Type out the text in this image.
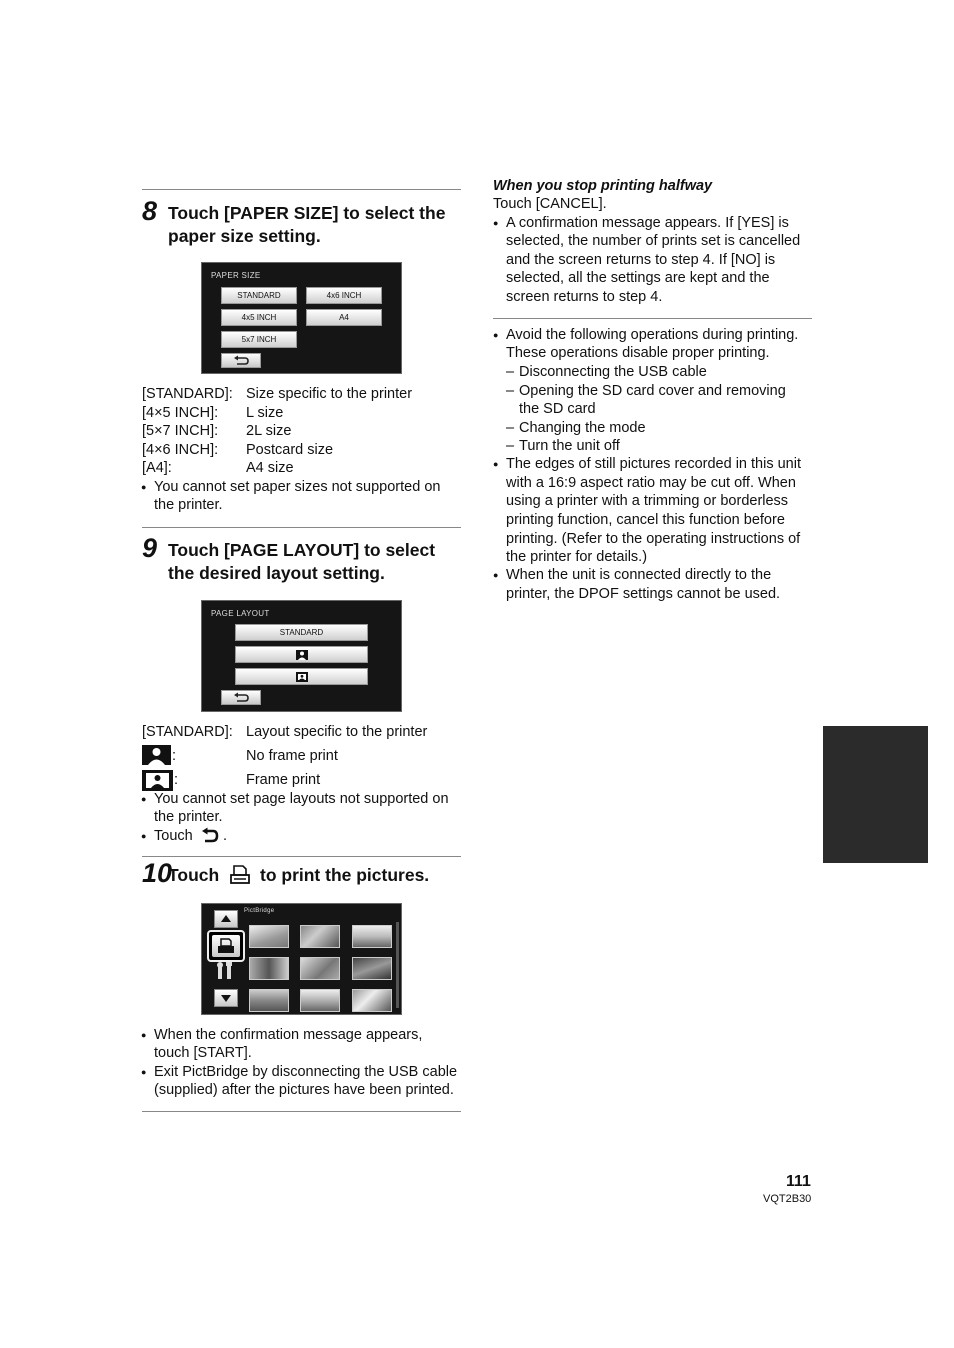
8 Touch [PAPER SIZE] to select the
paper size setting.
PAPER SIZE
STANDARD	4x6 INCH
4x5 INCH	A4
5x7 INCH
[STANDARD]: Size specific to the printer
[4×5 INCH]: L size
[5×7 INCH]: 2L size
[4×6 INCH]: Postcard size
[A4]:	A4 size
● You cannot set paper sizes not supported on
the printer.
9 Touch [PAGE LAYOUT] to select
the desired layout setting.
PAGE LAYOUT
STANDARD
[STANDARD]: Layout specific to the printer
:	No frame print
:	Frame print
● You cannot set page layouts not supported on
the printer.
● Touch .
10
Touch to print the pictures.
PictBridge
● When the confirmation message appears,
touch [START].
● Exit PictBridge by disconnecting the USB cable
(supplied) after the pictures have been printed.
When you stop printing halfway
Touch [CANCEL].
● A confirmation message appears. If [YES] is
selected, the number of prints set is cancelled
and the screen returns to step 4. If [NO] is
selected, all the settings are kept and the
screen returns to step 4.
● Avoid the following operations during printing.
These operations disable proper printing.
– Disconnecting the USB cable
– Opening the SD card cover and removing
the SD card
– Changing the mode
– Turn the unit off
● The edges of still pictures recorded in this unit
with a 16:9 aspect ratio may be cut off. When
using a printer with a trimming or borderless
printing function, cancel this function before
printing. (Refer to the operating instructions of
the printer for details.)
● When the unit is connected directly to the
printer, the DPOF settings cannot be used.
111
VQT2B30
